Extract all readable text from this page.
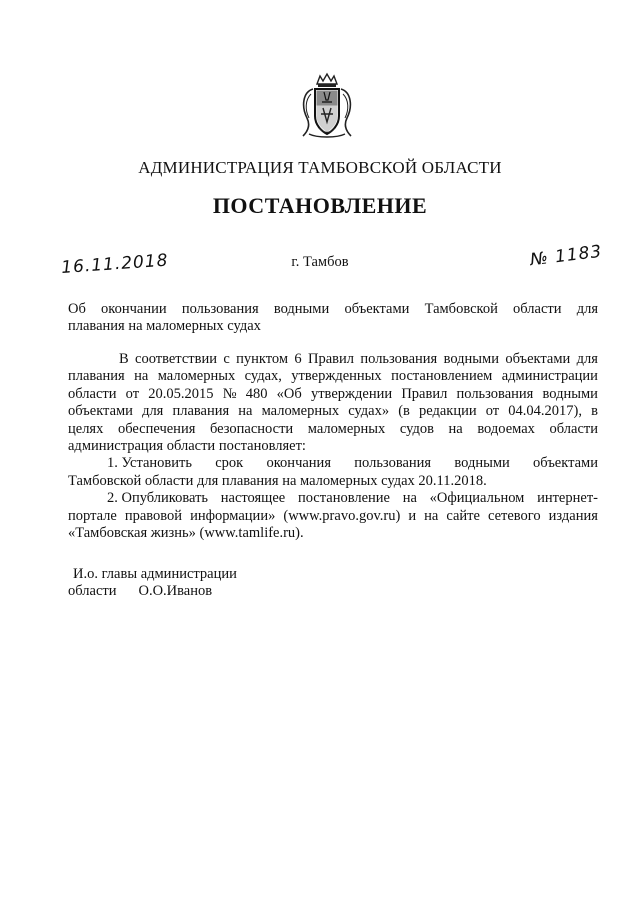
АДМИНИСТРАЦИЯ ТАМБОВСКОЙ ОБЛАСТИ
ПОСТАНОВЛЕНИЕ
16.11.2018	г. Тамбов	№ 1183
Об окончании пользования водными объектами Тамбовской области для
плавания на маломерных судах
В соответствии с пунктом 6 Правил пользования водными объектами для
плавания на маломерных судах, утвержденных постановлением администрации
области от 20.05.2015 № 480 «Об утверждении Правил пользования водными
объектами для плавания на маломерных судах» (в редакции от 04.04.2017), в
целях обеспечения безопасности маломерных судов на водоемах области
администрация области постановляет:
1. Установить срок окончания пользования водными объектами
Тамбовской области для плавания на маломерных судах 20.11.2018.
2. Опубликовать настоящее постановление на «Официальном интернет-
портале правовой информации» (www.pravo.gov.ru) и на сайте сетевого издания
«Тамбовская жизнь» (www.tamlife.ru).
И.о. главы администрации
области О.О.Иванов
